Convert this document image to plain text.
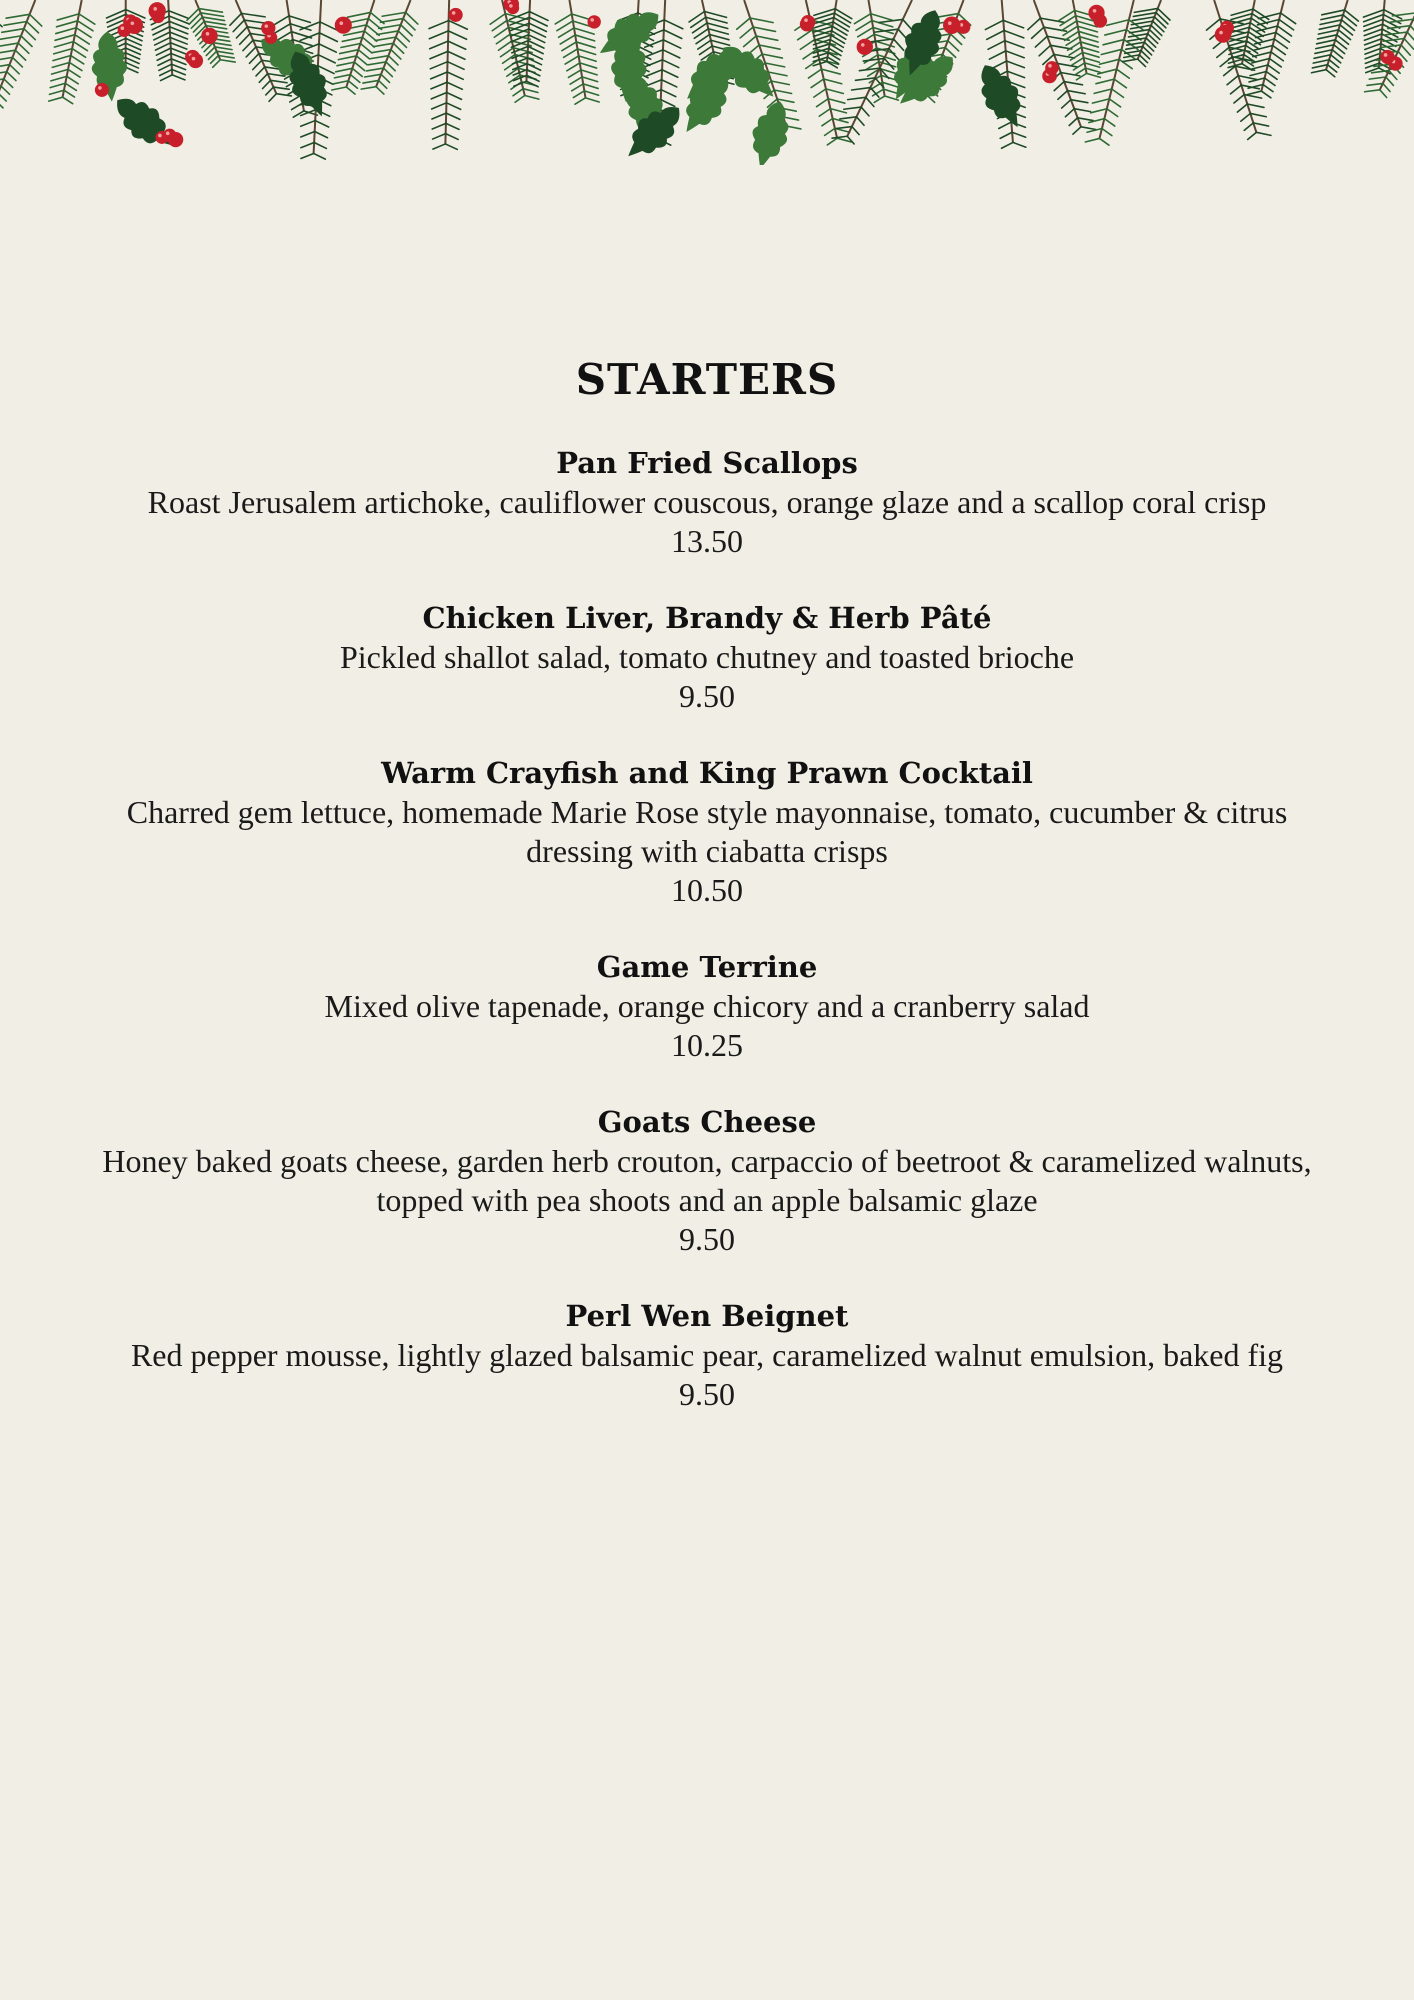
STARTERS
Pan Fried Scallops
Roast Jerusalem artichoke, cauliflower couscous, orange glaze and a scallop coral crisp
13.50
Chicken Liver, Brandy & Herb Pâté
Pickled shallot salad, tomato chutney and toasted brioche
9.50
Warm Crayfish and King Prawn Cocktail
Charred gem lettuce, homemade Marie Rose style mayonnaise, tomato, cucumber & citrus
dressing with ciabatta crisps
10.50
Game Terrine
Mixed olive tapenade, orange chicory and a cranberry salad
10.25
Goats Cheese
Honey baked goats cheese, garden herb crouton, carpaccio of beetroot & caramelized walnuts,
topped with pea shoots and an apple balsamic glaze
9.50
Perl Wen Beignet
Red pepper mousse, lightly glazed balsamic pear, caramelized walnut emulsion, baked fig
9.50
